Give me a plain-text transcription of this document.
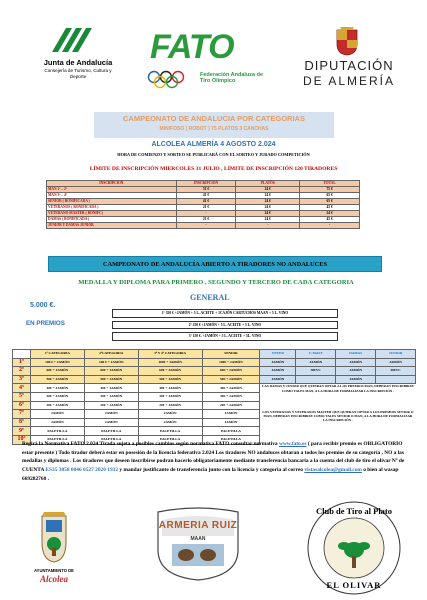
Junta de Andalucía
Consejería de Turismo, Cultura y Deporte
FATO
Federación Andaluza de Tiro Olímpico
DIPUTACIÓN
DE ALMERÍA
CAMPEONATO DE ANDALUCIA POR CATEGORIAS
MINIFOSO ( ROBOT ) 75 PLATOS 3 CANCHAS
ALCOLEA ALMERÍA 4 AGOSTO 2.024
HORA DE COMIENZO Y SORTEO SE PUBLICARÁ CON EL SORTEO Y JURADO COMPETICIÓN
LÍMITE DE INSCRIPCIÓN MIERCOLES 31 JULIO , LÍMITE DE INSCRIPCIÓN 120 TIRADORES
INSCRIPCIÓN	INSCRIPCIÓN	PLATOS	TOTAL
MAN 1ª – 2ª	51 €	24 €	75 €
MAN 3ª – 4ª	41 €	24 €	65 €
SENIOR ( BONIFICADA )	41 €	24 €	65 €
VETERANOS ( BONIFICADA )	21 €	24 €	45 €
VETERANO MASTER ( BONIFC)	-	24 €	24 €
DAMAS ( BONIFICADA )	21 €	24 €	45 €
JUNIOR Y DAMAS JUNIOR	-	-	-
CAMPEONATO DE ANDALUCÍA ABIERTO A TIRADORES NO ANDALUCES
MEDALLA Y DIPLOMA PARA PRIMERO , SEGUNDO Y TERCERO DE CADA CATEGORIA
GENERAL
5.000 €.
EN PREMIOS
1º 350 € +JAMÓN + 5 L. ACEITE + 1CAJÓN CARTUCHOS MAAN + 5 L. VINO
2º 250 € +JAMÓN + 5 L. ACEITE + 5 L. VINO
3º 150 €. +JAMÓN + 5 L. ACEITE + 5L. VINO
	1ª CATEGORIA	2ªCATEGORIA	3ª Y 4ª CATEGORIA	SENIOR	VETER	V. MAST	DAMAS	JUNIOR
1º	100 € + JAMÓN	100 € + JAMÓN	100€ + JAMÓN	100€ + JAMÓN	JAMÓN	JAMÓN	JAMÓN	JAMÓN
2º	60€ + JAMÓN	60€ + JAMÓN	60€ + JAMÓN	60€ + JAMÓN	JAMÓN	30€VC	JAMÓN	30€VC
3º	50€ + JAMÓN	50€ + JAMÓN	50€ + JAMÓN	50€ + JAMÓN	JAMÓN		JAMÓN	
4º	40€ + JAMÓN	40€ + JAMÓN	40€ + JAMÓN	40€ + JAMÓN	LAS DAMAS Y JUNIOR QUE QUIERAN OPTAR A LOS PREMIOS MAN, DEBERAN INSCRIBIRSE COMO TALES MAN, A LA HORA DE FORMALIZAR LA INSCRIPCIÓN .			

5º	30€ + JAMÓN	30€ + JAMÓN	30€ + JAMÓN	30€ + JAMÓN				
6º	20€ + JAMÓN	20€ + JAMÓN	20€ + JAMÓN	20€ + JAMÓN				
7º	JAMÓN	JAMÓN	JAMÓN	JAMÓN	LOS VETERANOS Y VETERANOS MASTER QUE QUIERAN OPTAR A LOS PREMIOS SENIOR O MAN, DEBERAN INSCRIBIRSE COMO TALES SENIOR O MAN, A LA HORA DE FORMALIZAR LA INSCRIPCIÓN .			

8º	JAMÓN	JAMÓN	JAMÓN	JAMÓN				
9º	PALETILLA	PALETILLA	PALETILLA	PALETILLA				
10º	PALETILLA	PALETILLA	PALETILLA	PALETILLA				
Regirá la Normativa FATO 2.024 Tirada sujeta a posibles cambios según normativa FATO consultar normativa www.fato.es ( para recibir premio es OBLIGATORIO estar presente ) Todo tirador deberá estar en posesión de la licencia federativa 2.024 Los tiradores NO andaluces obtaran a todos los premios de su categoría , NO a las medallas y diplomas . Los tiradores que deseen inscribirse podran hacerlo obligatoriamente mediante transferencia bancaria a la cuenta del club de tiro el olivar Nº de CUENTA ES35 3058 0046 0527 2020 1932 y mandar justificante de transferencia junto con la licencia y categoria al correo vistasalcolea@gmail.com o bien al wasap 669282760 .
AYUNTAMIENTO DE
Alcolea
ARMERIA RUIZ
MAAN
Club de Tiro al Plato
EL OLIVAR
